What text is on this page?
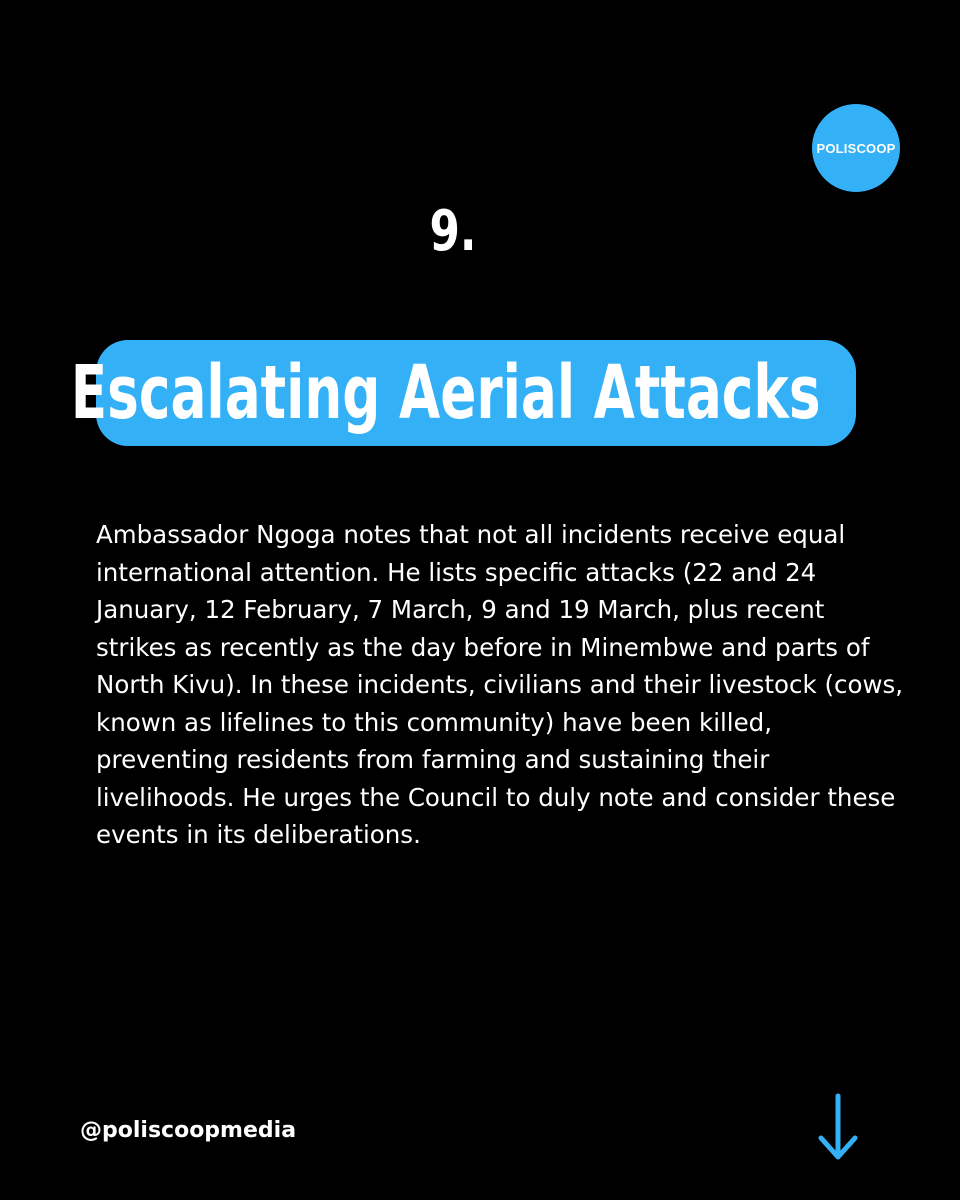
POLISCOOP
9.
Escalating Aerial Attacks

Ambassador Ngoga notes that not all incidents receive equal international attention. He lists specific attacks (22 and 24 January, 12 February, 7 March, 9 and 19 March, plus recent strikes as recently as the day before in Minembwe and parts of North Kivu). In these incidents, civilians and their livestock (cows, known as lifelines to this community) have been killed, preventing residents from farming and sustaining their livelihoods. He urges the Council to duly note and consider these events in its deliberations.

@poliscoopmedia
